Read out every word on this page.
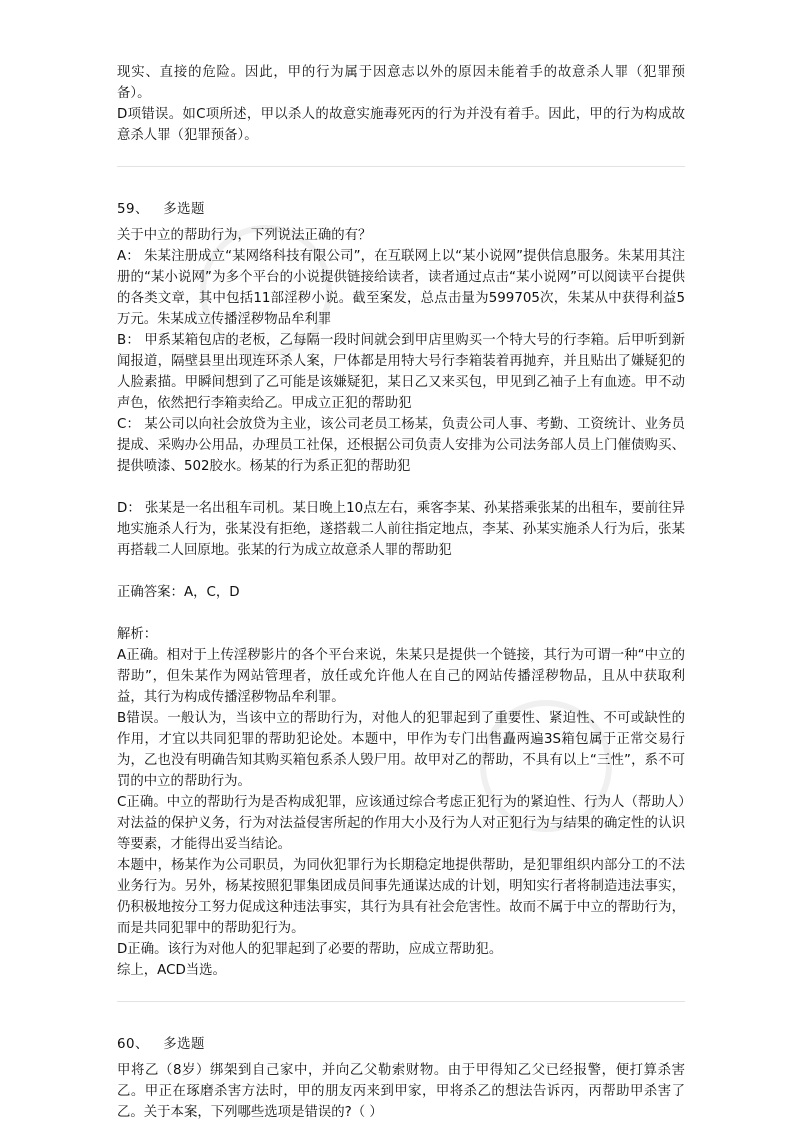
现实、直接的危险。因此，甲的行为属于因意志以外的原因未能着手的故意杀人罪（犯罪预备）。

D项错误。如C项所述，甲以杀人的故意实施毒死丙的行为并没有着手。因此，甲的行为构成故意杀人罪（犯罪预备）。

59、 多选题

关于中立的帮助行为，下列说法正确的有？

A： 朱某注册成立“某网络科技有限公司”，在互联网上以“某小说网”提供信息服务。朱某用其注册的“某小说网”为多个平台的小说提供链接给读者，读者通过点击“某小说网”可以阅读平台提供的各类文章，其中包括11部淫秽小说。截至案发，总点击量为599705次，朱某从中获得利益5万元。朱某成立传播淫秽物品牟利罪

B： 甲系某箱包店的老板，乙每隔一段时间就会到甲店里购买一个特大号的行李箱。后甲听到新闻报道，隔壁县里出现连环杀人案，尸体都是用特大号行李箱装着再抛弃，并且贴出了嫌疑犯的人脸素描。甲瞬间想到了乙可能是该嫌疑犯，某日乙又来买包，甲见到乙袖子上有血迹。甲不动声色，依然把行李箱卖给乙。甲成立正犯的帮助犯

C： 某公司以向社会放贷为主业，该公司老员工杨某，负责公司人事、考勤、工资统计、业务员提成、采购办公用品，办理员工社保，还根据公司负责人安排为公司法务部人员上门催债购买、提供喷漆、502胶水。杨某的行为系正犯的帮助犯

D： 张某是一名出租车司机。某日晚上10点左右，乘客李某、孙某搭乘张某的出租车，要前往异地实施杀人行为，张某没有拒绝，遂搭载二人前往指定地点，李某、孙某实施杀人行为后，张某再搭载二人回原地。张某的行为成立故意杀人罪的帮助犯

正确答案：A，C，D

解析：

A正确。相对于上传淫秽影片的各个平台来说，朱某只是提供一个链接，其行为可谓一种“中立的帮助”，但朱某作为网站管理者，放任或允许他人在自己的网站传播淫秽物品，且从中获取利益，其行为构成传播淫秽物品牟利罪。

B错误。一般认为，当该中立的帮助行为，对他人的犯罪起到了重要性、紧迫性、不可或缺性的作用，才宜以共同犯罪的帮助犯论处。本题中，甲作为专门出售矗两遍3S箱包属于正常交易行为，乙也没有明确告知其购买箱包系杀人毁尸用。故甲对乙的帮助，不具有以上“三性”，系不可罚的中立的帮助行为。

C正确。中立的帮助行为是否构成犯罪，应该通过综合考虑正犯行为的紧迫性、行为人（帮助人）对法益的保护义务，行为对法益侵害所起的作用大小及行为人对正犯行为与结果的确定性的认识等要素，才能得出妥当结论。

本题中，杨某作为公司职员，为同伙犯罪行为长期稳定地提供帮助，是犯罪组织内部分工的不法业务行为。另外，杨某按照犯罪集团成员间事先通谋达成的计划，明知实行者将制造违法事实，仍积极地按分工努力促成这种违法事实，其行为具有社会危害性。故而不属于中立的帮助行为，而是共同犯罪中的帮助犯行为。

D正确。该行为对他人的犯罪起到了必要的帮助，应成立帮助犯。

综上，ACD当选。

60、 多选题

甲将乙（8岁）绑架到自己家中，并向乙父勒索财物。由于甲得知乙父已经报警，便打算杀害乙。甲正在琢磨杀害方法时，甲的朋友丙来到甲家，甲将杀乙的想法告诉丙，丙帮助甲杀害了乙。关于本案，下列哪些选项是错误的?（ ）
